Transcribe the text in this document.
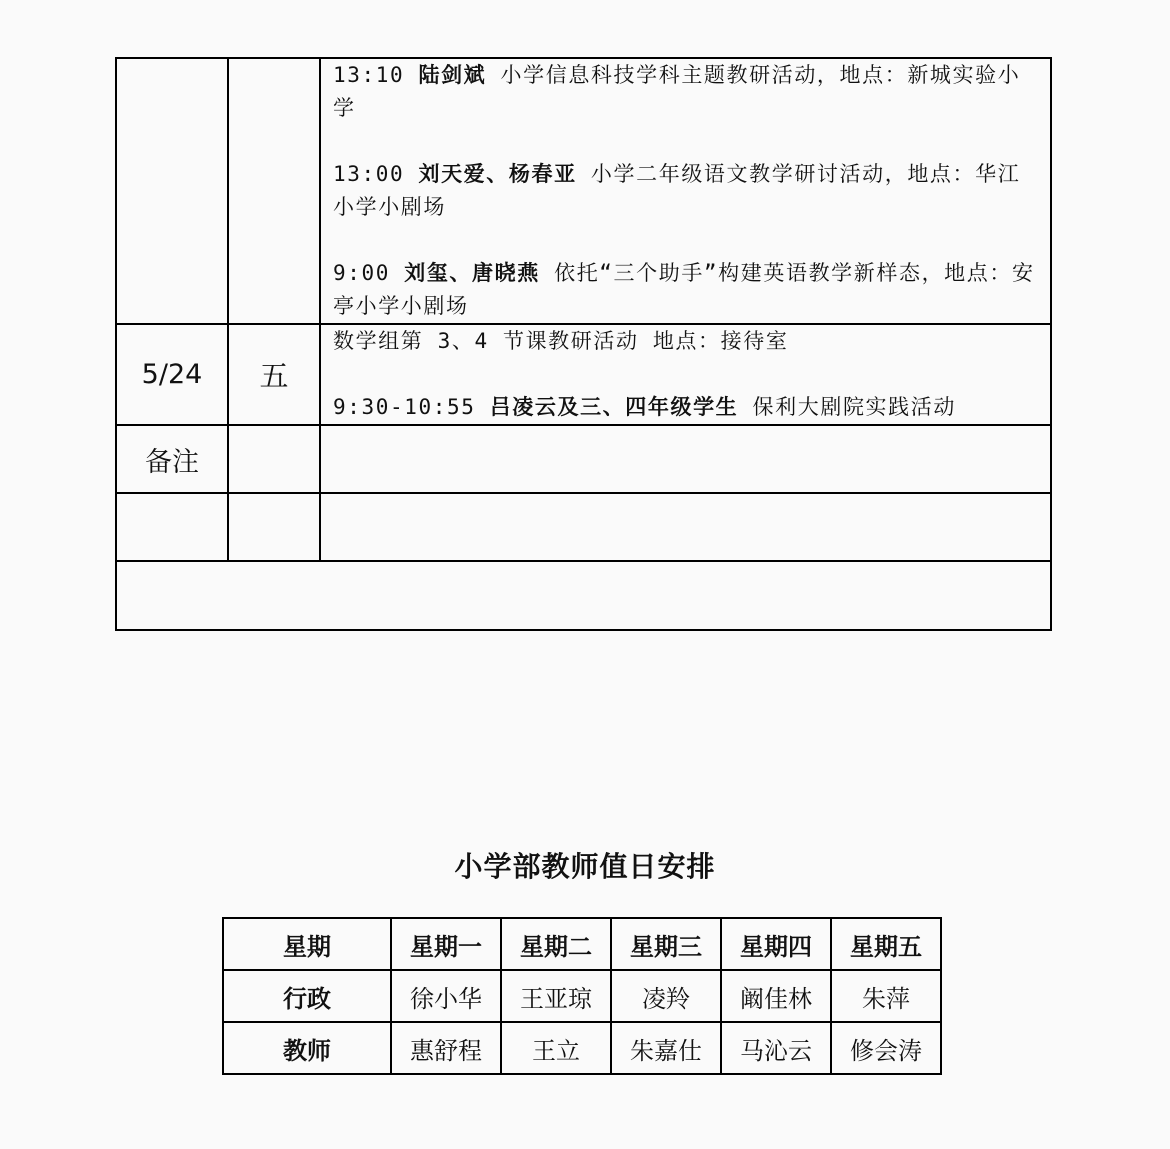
		13:10 陆剑斌 小学信息科技学科主题教研活动，地点：新城实验小学

13:00 刘天爱、杨春亚 小学二年级语文教学研讨活动，地点：华江小学小剧场

9:00 刘玺、唐晓燕 依托“三个助手”构建英语教学新样态，地点：安亭小学小剧场

5/24	五	数学组第 3、4 节课教研活动 地点：接待室

9:30-10:55 吕凌云及三、四年级学生 保利大剧院实践活动

备注		

小学部教师值日安排
星期	星期一	星期二	星期三	星期四	星期五
行政	徐小华	王亚琼	凌羚	阚佳林	朱萍
教师	惠舒程	王立	朱嘉仕	马沁云	修会涛
